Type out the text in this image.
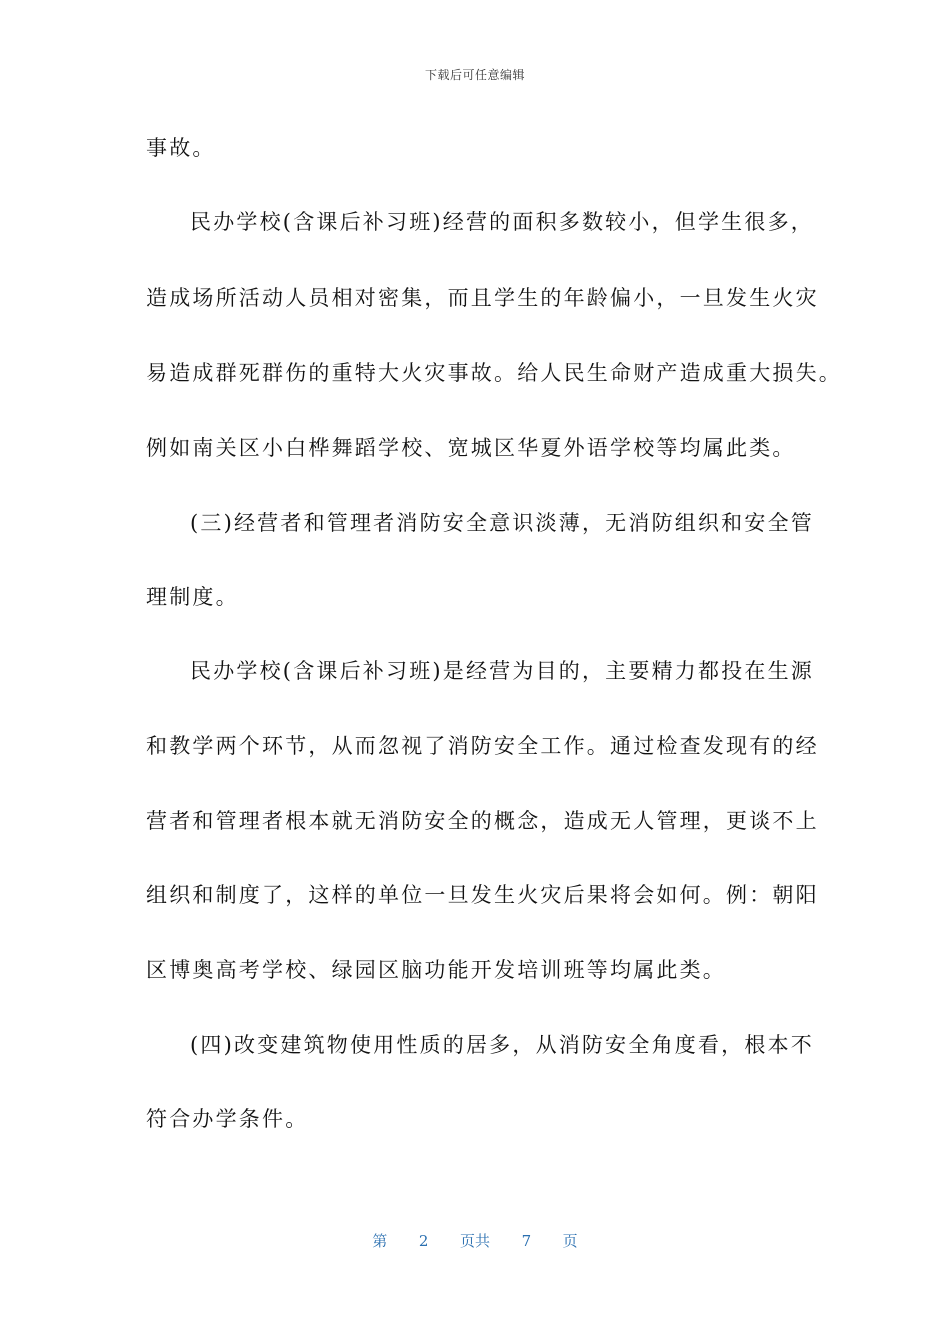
下载后可任意编辑
事故。
民办学校(含课后补习班)经营的面积多数较小，但学生很多，
造成场所活动人员相对密集，而且学生的年龄偏小，一旦发生火灾
易造成群死群伤的重特大火灾事故。给人民生命财产造成重大损失。
例如南关区小白桦舞蹈学校、宽城区华夏外语学校等均属此类。
(三)经营者和管理者消防安全意识淡薄，无消防组织和安全管
理制度。
民办学校(含课后补习班)是经营为目的，主要精力都投在生源
和教学两个环节，从而忽视了消防安全工作。通过检查发现有的经
营者和管理者根本就无消防安全的概念，造成无人管理，更谈不上
组织和制度了，这样的单位一旦发生火灾后果将会如何。例：朝阳
区博奥高考学校、绿园区脑功能开发培训班等均属此类。
(四)改变建筑物使用性质的居多，从消防安全角度看，根本不
符合办学条件。
第 2 页共 7 页
